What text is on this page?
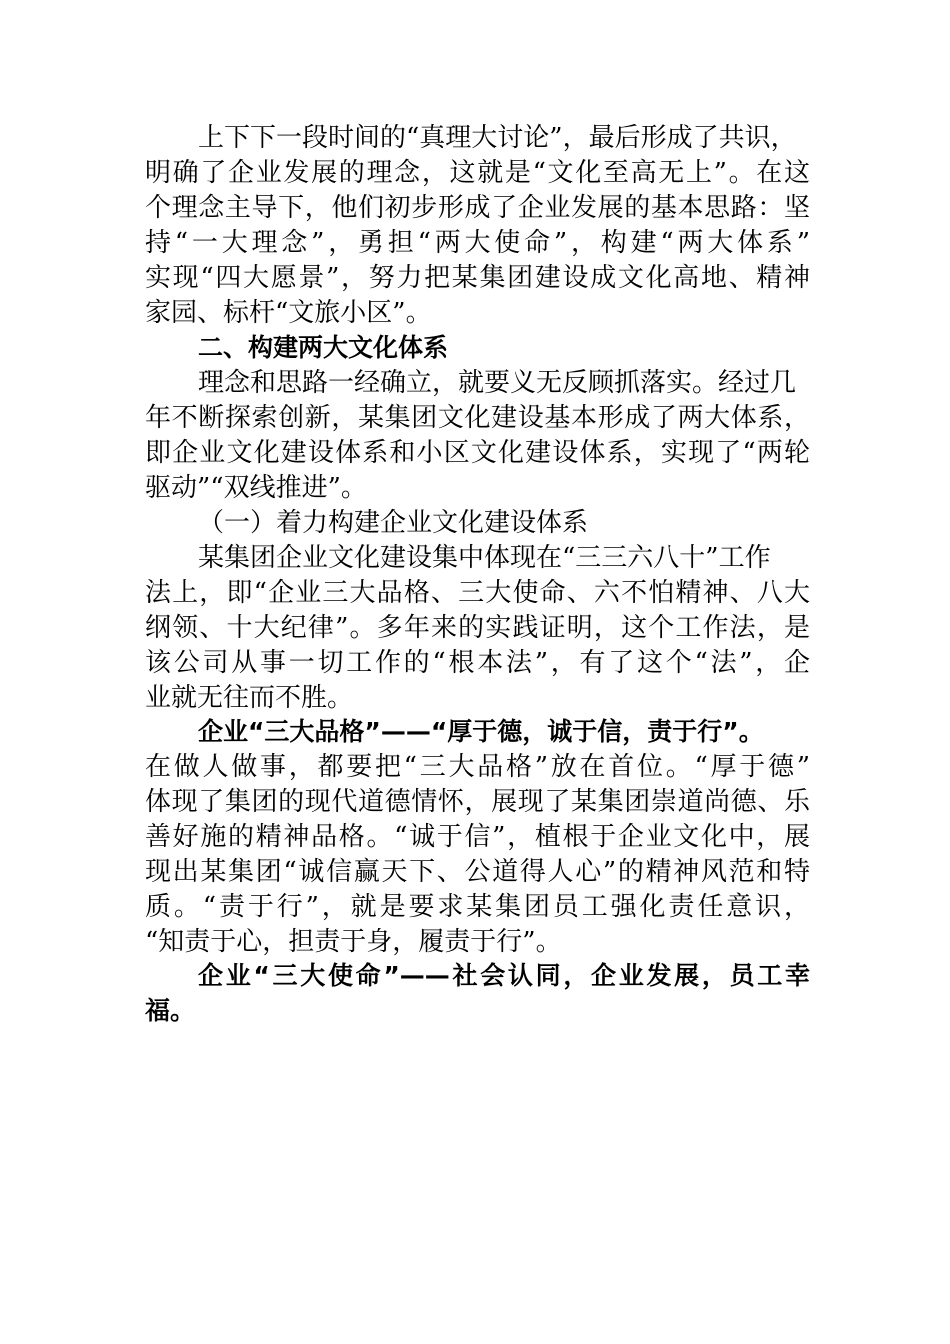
上下下一段时间的“真理大讨论”，最后形成了共识，
明确了企业发展的理念，这就是“文化至高无上”。在这
个理念主导下，他们初步形成了企业发展的基本思路：坚
持“一大理念”，勇担“两大使命”，构建“两大体系”
实现“四大愿景”，努力把某集团建设成文化高地、精神
家园、标杆“文旅小区”。
二、构建两大文化体系
理念和思路一经确立，就要义无反顾抓落实。经过几
年不断探索创新，某集团文化建设基本形成了两大体系，
即企业文化建设体系和小区文化建设体系，实现了“两轮
驱动”“双线推进”。
（一）着力构建企业文化建设体系
某集团企业文化建设集中体现在“三三六八十”工作
法上，即“企业三大品格、三大使命、六不怕精神、八大
纲领、十大纪律”。多年来的实践证明，这个工作法，是
该公司从事一切工作的“根本法”，有了这个“法”，企
业就无往而不胜。
企业“三大品格”——“厚于德，诚于信，责于行”。
在做人做事，都要把“三大品格”放在首位。“厚于德”
体现了集团的现代道德情怀，展现了某集团崇道尚德、乐
善好施的精神品格。“诚于信”，植根于企业文化中，展
现出某集团“诚信赢天下、公道得人心”的精神风范和特
质。“责于行”，就是要求某集团员工强化责任意识，
“知责于心，担责于身，履责于行”。
企业“三大使命”——社会认同，企业发展，员工幸
福。
